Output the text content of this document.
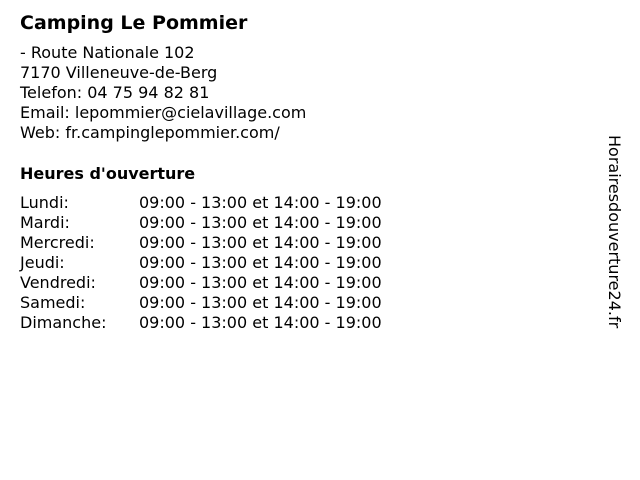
Camping Le Pommier
- Route Nationale 102
7170 Villeneuve-de-Berg
Telefon: 04 75 94 82 81
Email: lepommier@cielavillage.com
Web: fr.campinglepommier.com/
Heures d'ouverture
Lundi:	09:00 - 13:00 et 14:00 - 19:00
Mardi:	09:00 - 13:00 et 14:00 - 19:00
Mercredi:	09:00 - 13:00 et 14:00 - 19:00
Jeudi:	09:00 - 13:00 et 14:00 - 19:00
Vendredi:	09:00 - 13:00 et 14:00 - 19:00
Samedi:	09:00 - 13:00 et 14:00 - 19:00
Dimanche: 09:00 - 13:00 et 14:00 - 19:00	Horairesdouverture24.fr
